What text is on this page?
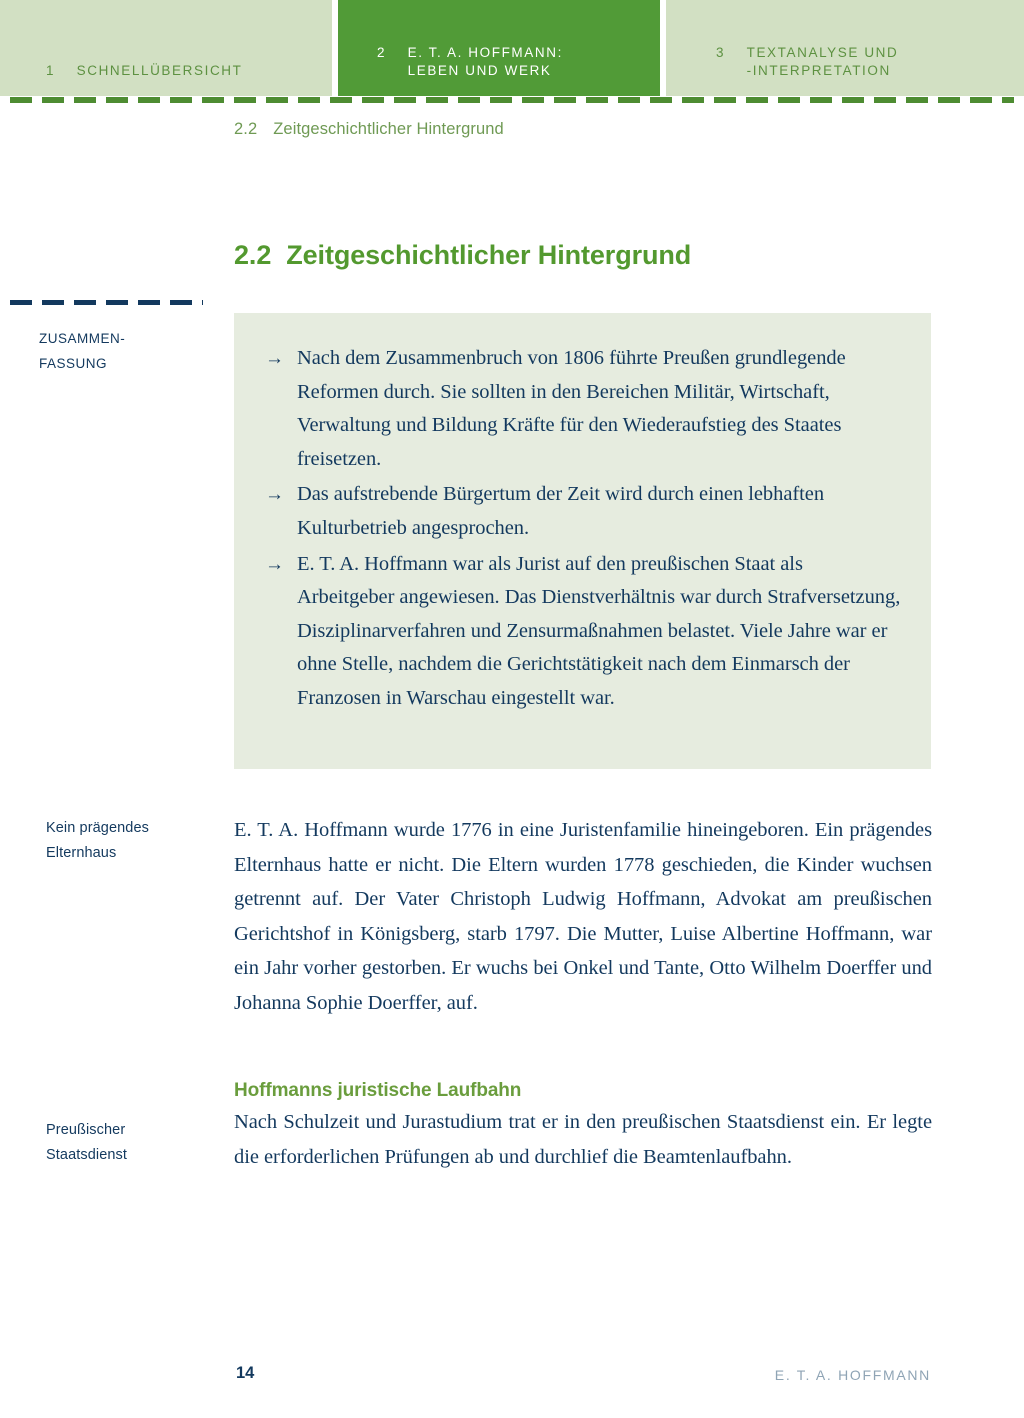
1 SCHNELLÜBERSICHT
2 E. T. A. HOFFMANN:
LEBEN UND WERK
3 TEXTANALYSE UND
-INTERPRETATION
2.2 Zeitgeschichtlicher Hintergrund
2.2 Zeitgeschichtlicher Hintergrund
ZUSAMMEN-
FASSUNG	→ Nach dem Zusammenbruch von 1806 führte Preußen grundlegende Reformen durch. Sie sollten in den Bereichen Militär, Wirtschaft, Verwaltung und Bildung Kräfte für den Wiederaufstieg des Staates freisetzen.
→ Das aufstrebende Bürgertum der Zeit wird durch einen lebhaften Kulturbetrieb angesprochen.
→ E. T. A. Hoffmann war als Jurist auf den preußischen Staat als Arbeitgeber angewiesen. Das Dienstverhältnis war durch Strafversetzung, Disziplinarverfahren und Zensurmaßnahmen belastet. Viele Jahre war er ohne Stelle, nachdem die Gerichtstätigkeit nach dem Einmarsch der Franzosen in Warschau eingestellt war.
Kein prägendes
Elternhaus

E. T. A. Hoffmann wurde 1776 in eine Juristenfamilie hineingeboren. Ein prägendes Elternhaus hatte er nicht. Die Eltern wurden 1778 geschieden, die Kinder wuchsen getrennt auf. Der Vater Christoph Ludwig Hoffmann, Advokat am preußischen Gerichtshof in Königsberg, starb 1797. Die Mutter, Luise Albertine Hoffmann, war ein Jahr vorher gestorben. Er wuchs bei Onkel und Tante, Otto Wilhelm Doerffer und Johanna Sophie Doerffer, auf.

Preußischer
Staatsdienst
Hoffmanns juristische Laufbahn

Nach Schulzeit und Jurastudium trat er in den preußischen Staatsdienst ein. Er legte die erforderlichen Prüfungen ab und durchlief die Beamtenlaufbahn.

14	E. T. A. HOFFMANN
